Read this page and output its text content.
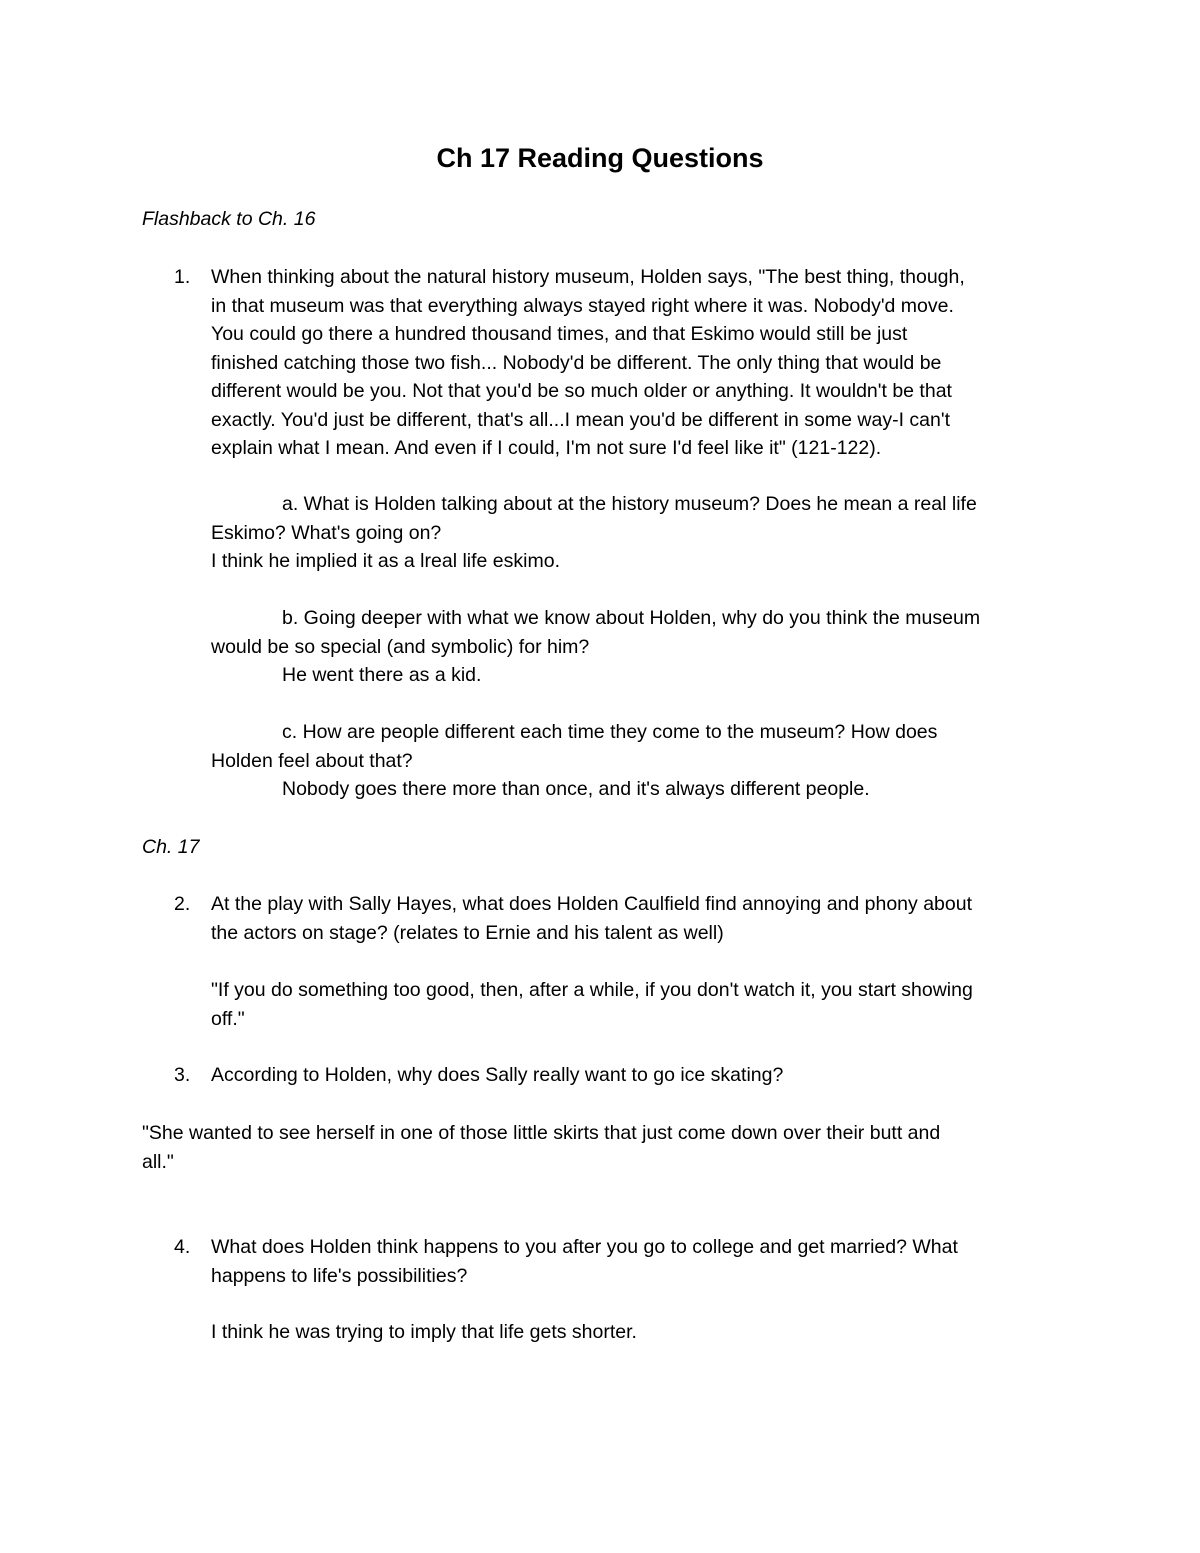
Ch 17 Reading Questions

Flashback to Ch. 16

1. When thinking about the natural history museum, Holden says, "The best thing, though,
in that museum was that everything always stayed right where it was. Nobody'd move.
You could go there a hundred thousand times, and that Eskimo would still be just
finished catching those two fish... Nobody'd be different. The only thing that would be
different would be you. Not that you'd be so much older or anything. It wouldn't be that
exactly. You'd just be different, that's all...I mean you'd be different in some way-I can't
explain what I mean. And even if I could, I'm not sure I'd feel like it" (121-122).
a. What is Holden talking about at the history museum? Does he mean a real life
Eskimo? What's going on?
I think he implied it as a lreal life eskimo.
b. Going deeper with what we know about Holden, why do you think the museum
would be so special (and symbolic) for him?
He went there as a kid.
c. How are people different each time they come to the museum? How does
Holden feel about that?
Nobody goes there more than once, and it's always different people.

Ch. 17

2. At the play with Sally Hayes, what does Holden Caulfield find annoying and phony about
the actors on stage? (relates to Ernie and his talent as well)
"If you do something too good, then, after a while, if you don't watch it, you start showing
off."
3. According to Holden, why does Sally really want to go ice skating?
"She wanted to see herself in one of those little skirts that just come down over their butt and
all."
4. What does Holden think happens to you after you go to college and get married? What
happens to life's possibilities?
I think he was trying to imply that life gets shorter.
